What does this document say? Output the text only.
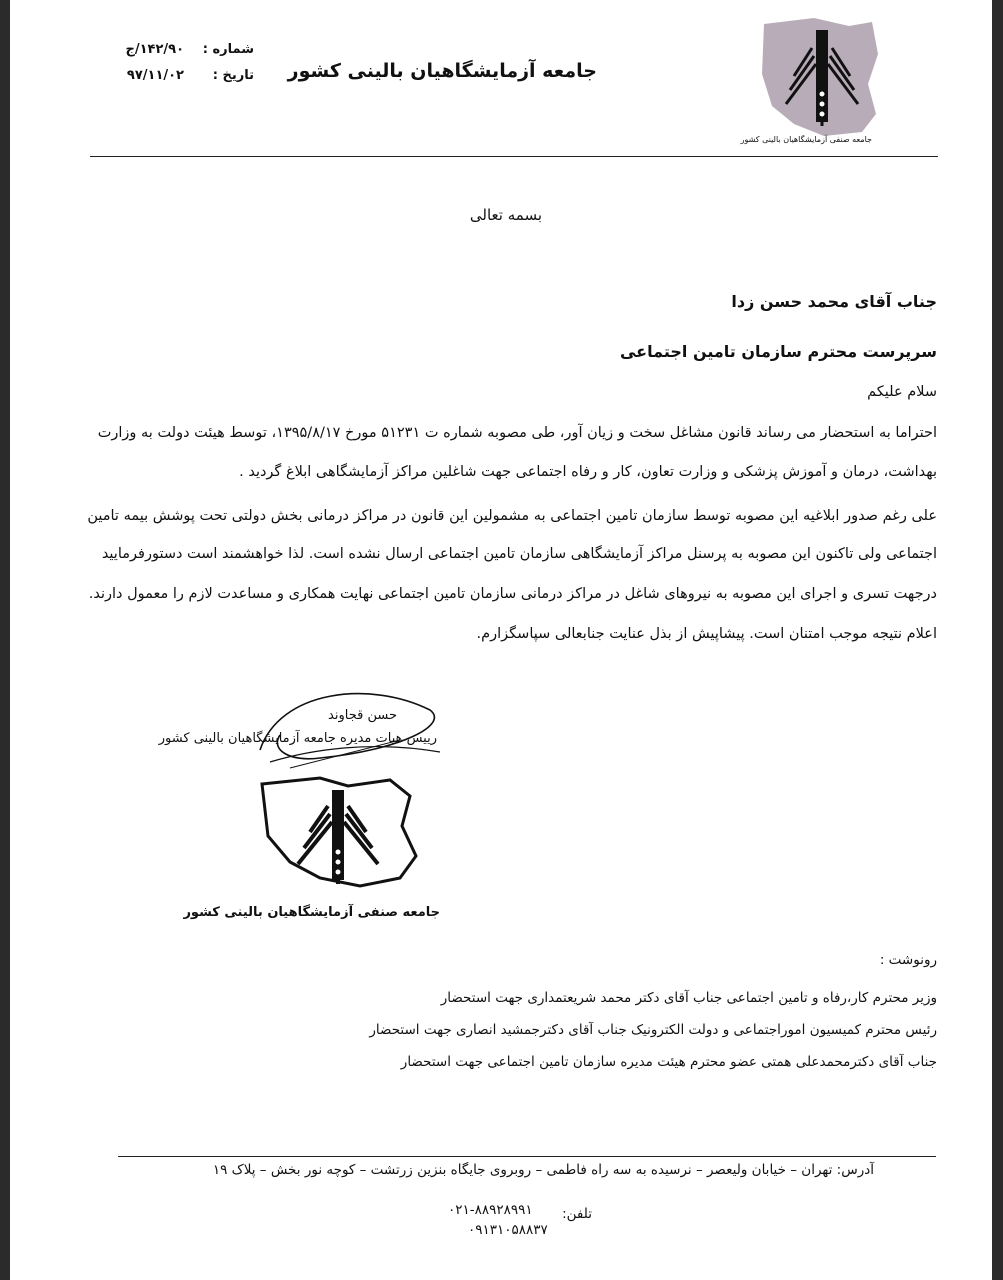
جامعه صنفی آزمایشگاهیان بالینی کشور
جامعه آزمایشگاهیان بالینی کشور
شماره :
۱۴۲/۹۰/ج
تاریخ :
۹۷/۱۱/۰۲
بسمه تعالی
جناب آقای محمد حسن زدا
سرپرست محترم سازمان تامین اجتماعی
سلام علیکم
احتراما به استحضار می رساند قانون مشاغل سخت و زیان آور، طی مصوبه شماره ت ۵۱۲۳۱ مورخ ۱۳۹۵/۸/۱۷، توسط هیئت دولت به وزارت
بهداشت، درمان و آموزش پزشکی و وزارت تعاون، کار و رفاه اجتماعی جهت شاغلین مراکز آزمایشگاهی ابلاغ گردید .
علی رغم صدور ابلاغیه این مصوبه توسط سازمان تامین اجتماعی به مشمولین این قانون در مراکز درمانی بخش دولتی تحت پوشش بیمه تامین
اجتماعی ولی تاکنون این مصوبه به پرسنل مراکز آزمایشگاهی سازمان تامین اجتماعی ارسال نشده است. لذا خواهشمند است دستورفرمایید
درجهت تسری و اجرای این مصوبه به نیروهای شاغل در مراکز درمانی سازمان تامین اجتماعی نهایت همکاری و مساعدت لازم را معمول دارند.
اعلام نتیجه موجب امتنان است. پیشاپیش از بذل عنایت جنابعالی سپاسگزارم.
حسن قجاوند
رییس هیات مدیره جامعه آزمایشگاهیان بالینی کشور
جامعه صنفی آزمایشگاهیان بالینی کشور
رونوشت :
وزیر محترم کار،رفاه و تامین اجتماعی جناب آقای دکتر محمد شریعتمداری جهت استحضار
رئیس محترم کمیسیون اموراجتماعی و دولت الکترونیک جناب آقای دکترجمشید انصاری جهت استحضار
جناب آقای دکترمحمدعلی همتی عضو محترم هیئت مدیره سازمان تامین اجتماعی جهت استحضار
آدرس: تهران – خیابان ولیعصر – نرسیده به سه راه فاطمی – روبروی جایگاه بنزین زرتشت – کوچه نور بخش – پلاک ۱۹
تلفن:
۰۲۱-۸۸۹۲۸۹۹۱
۰۹۱۳۱۰۵۸۸۳۷
